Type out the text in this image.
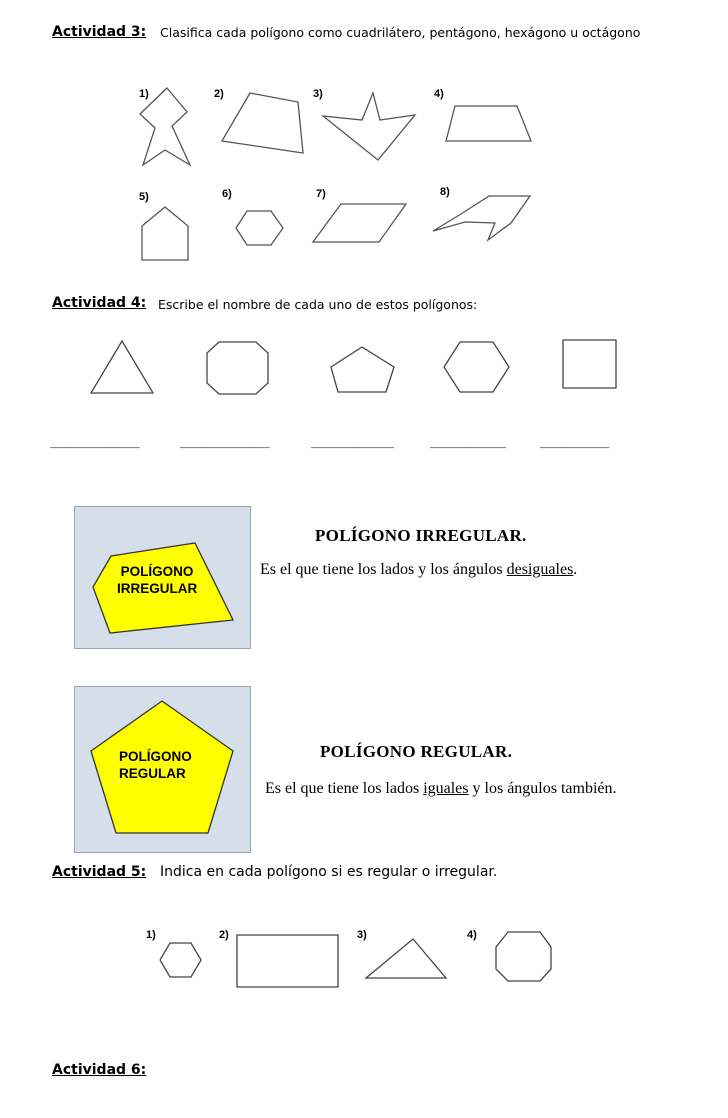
Actividad 3: Clasifica cada polígono como cuadrilátero, pentágono, hexágono u octágono
1)	2)	3)	4)
5)	6)	7)	8)
Actividad 4: Escribe el nombre de cada uno de estos polígonos:
_____________	_____________	____________	___________	__________
POLÍGONO
IRREGULAR
POLÍGONO IRREGULAR.
Es el que tiene los lados y los ángulos desiguales.
POLÍGONO
REGULAR
POLÍGONO REGULAR.
Es el que tiene los lados iguales y los ángulos también.
Actividad 5: Indica en cada polígono si es regular o irregular.
1)	2)	3)	4)
Actividad 6:
